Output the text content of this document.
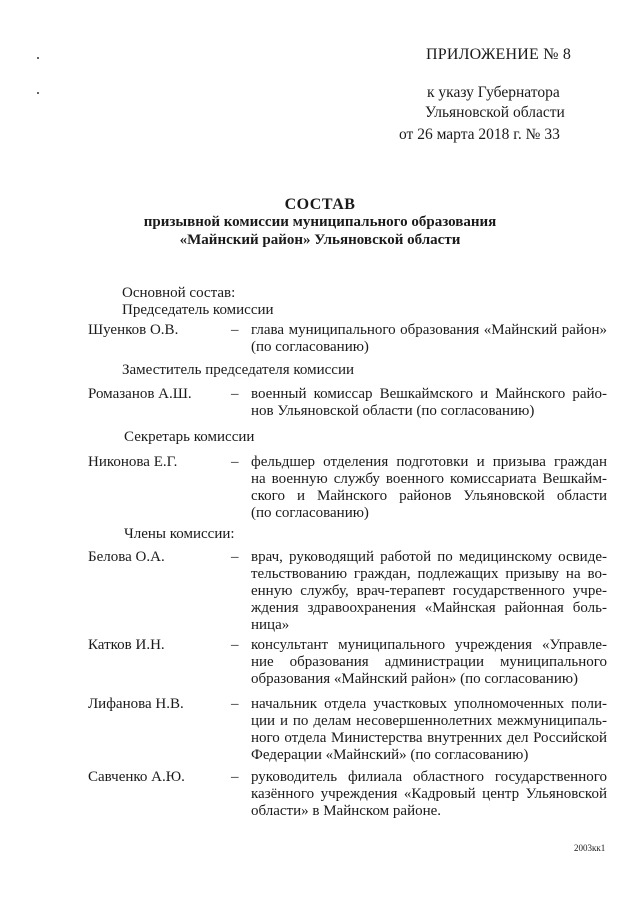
ПРИЛОЖЕНИЕ № 8
к указу Губернатора
Ульяновской области
от 26 марта 2018 г. № 33
СОСТАВ
призывной комиссии муниципального образования
«Майнский район» Ульяновской области
Основной состав:
Председатель комиссии
Шуенков О.В.	– глава муниципального образования «Майнский район»
(по согласованию)
Заместитель председателя комиссии
Ромазанов А.Ш.	– военный комиссар Вешкаймского и Майнского райо-
нов Ульяновской области (по согласованию)
Секретарь комиссии
Никонова Е.Г.	– фельдшер отделения подготовки и призыва граждан
на военную службу военного комиссариата Вешкайм-
ского и Майнского районов Ульяновской области
(по согласованию)
Члены комиссии:
Белова О.А.	– врач, руководящий работой по медицинскому освиде-
тельствованию граждан, подлежащих призыву на во-
енную службу, врач-терапевт государственного учре-
ждения здравоохранения «Майнская районная боль-
ница»
Катков И.Н.	– консультант муниципального учреждения «Управле-
ние образования администрации муниципального
образования «Майнский район» (по согласованию)
Лифанова Н.В.	– начальник отдела участковых уполномоченных поли-
ции и по делам несовершеннолетних межмуниципаль-
ного отдела Министерства внутренних дел Российской
Федерации «Майнский» (по согласованию)
Савченко А.Ю.	– руководитель филиала областного государственного
казённого учреждения «Кадровый центр Ульяновской
области» в Майнском районе.
2003кк1
